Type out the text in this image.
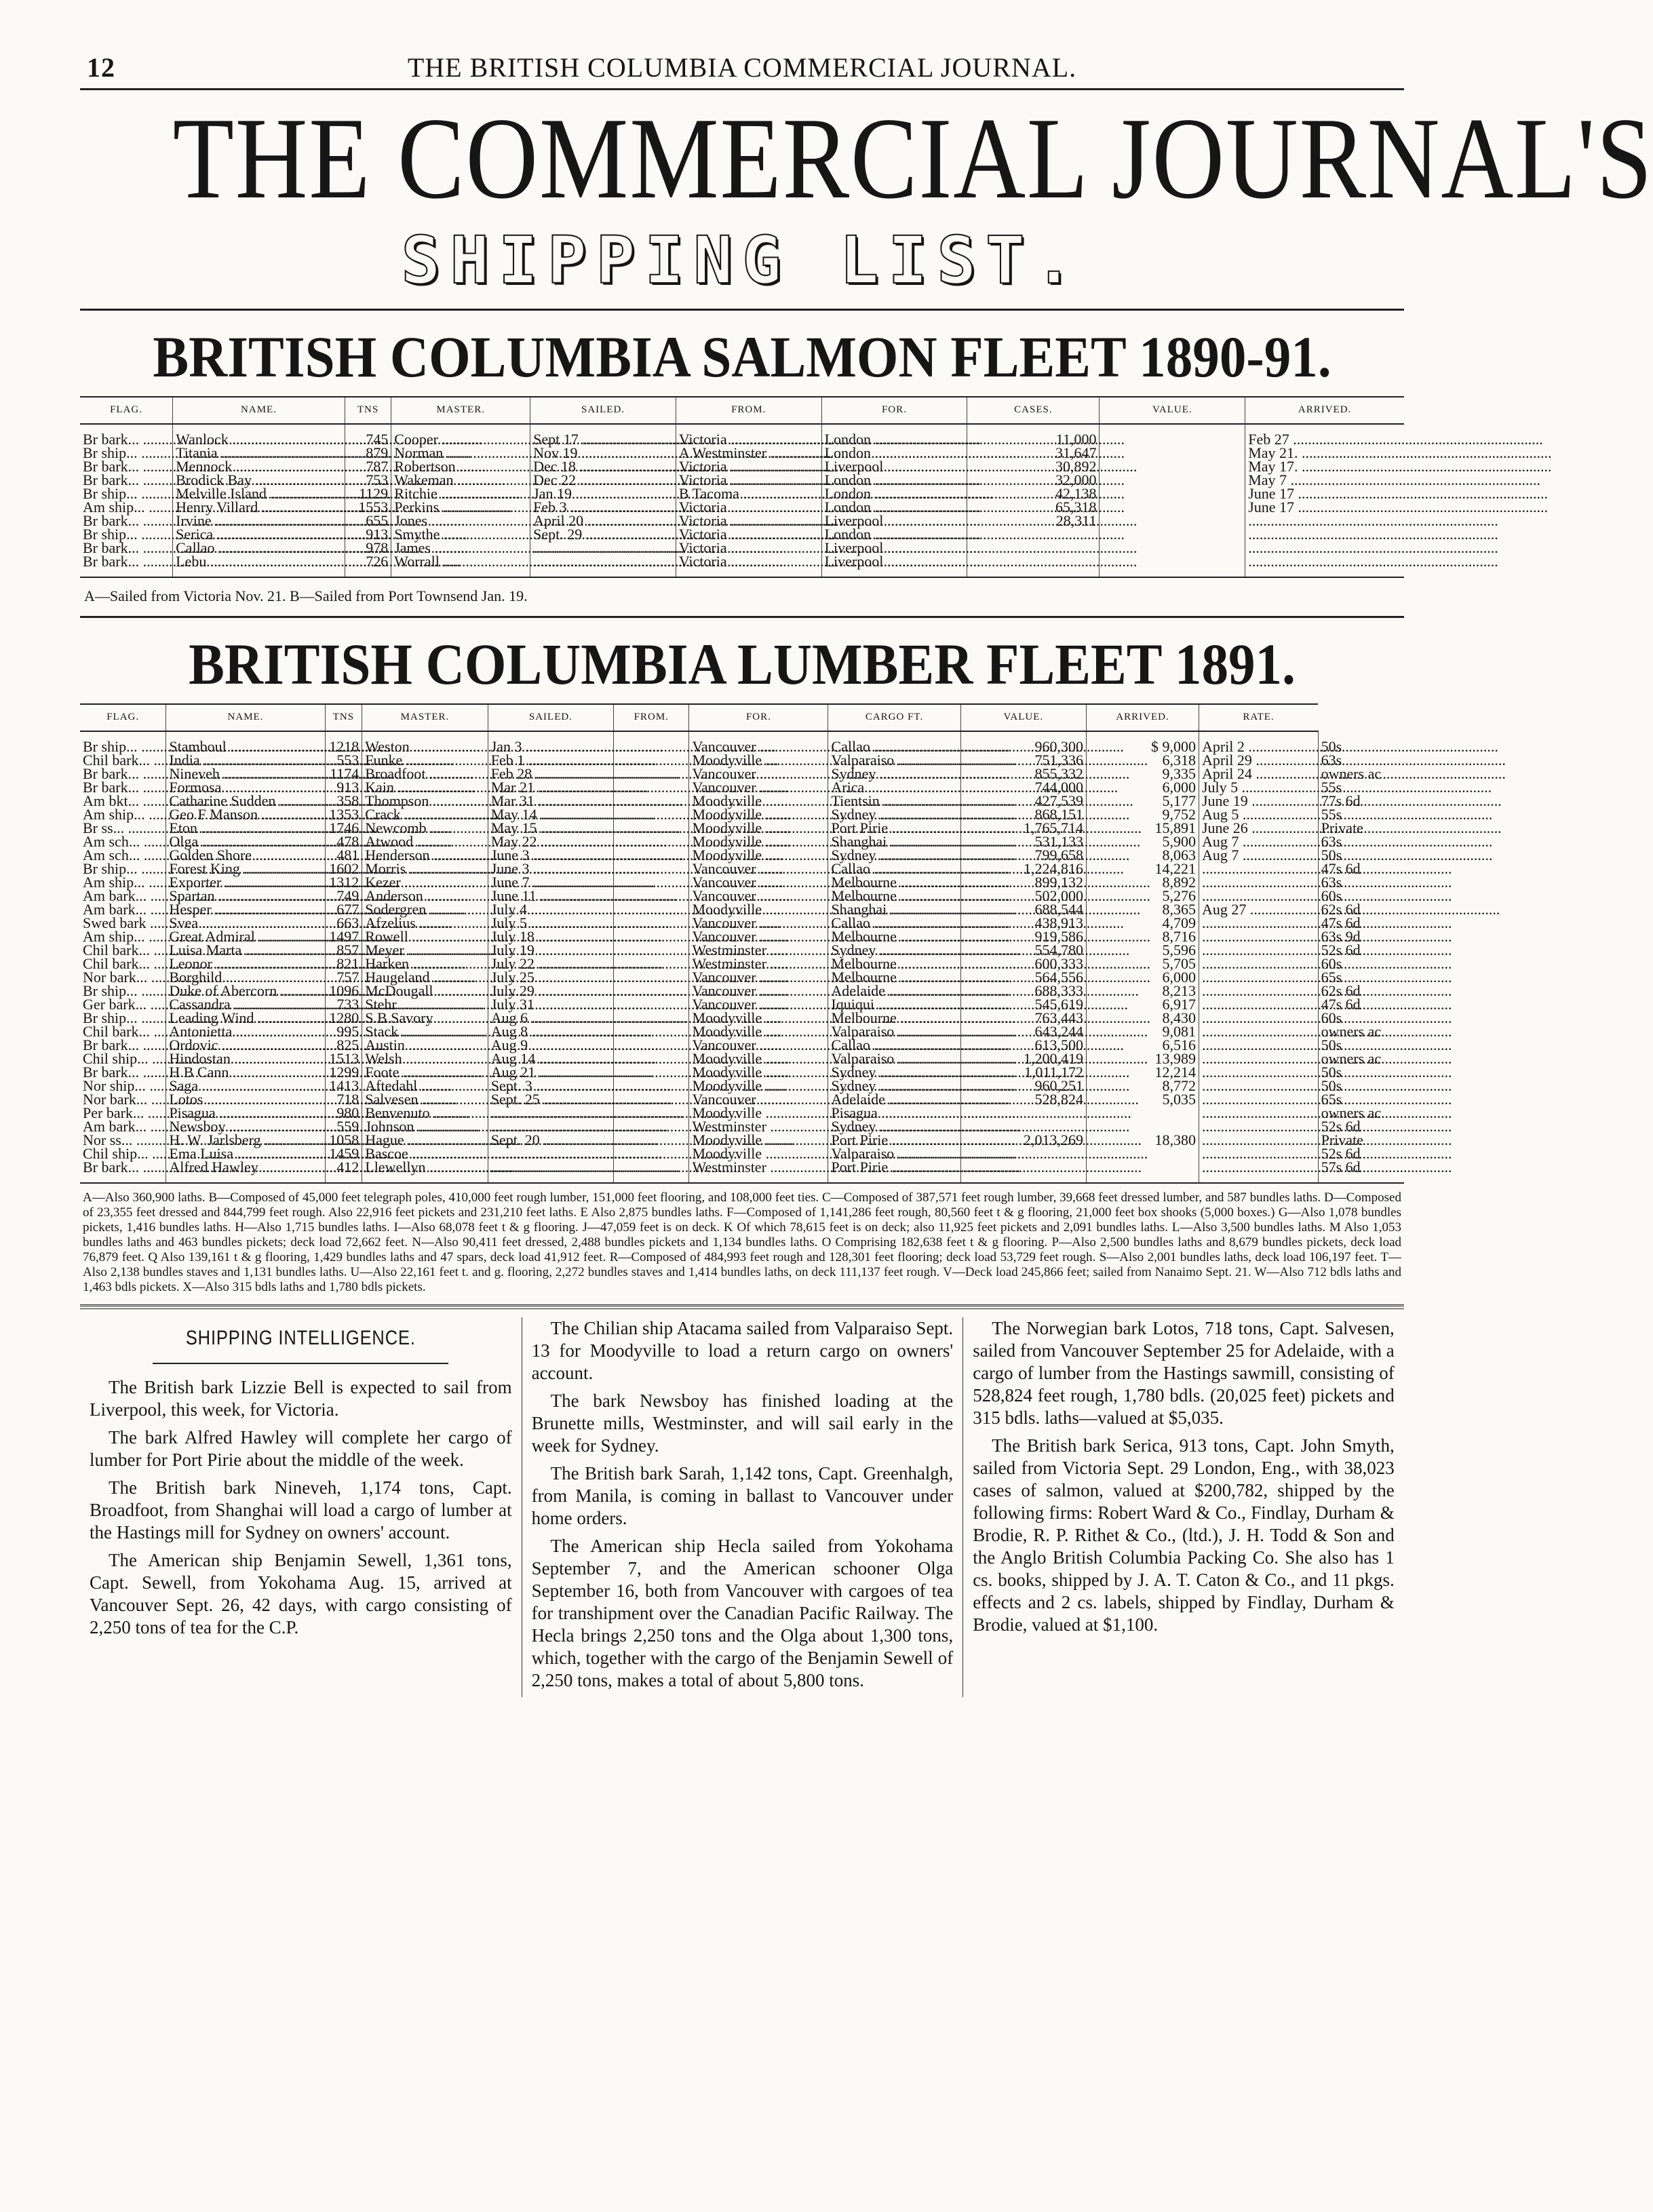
12	THE BRITISH COLUMBIA COMMERCIAL JOURNAL.
THE COMMERCIAL JOURNAL'S
SHIPPING LIST.
BRITISH COLUMBIA SALMON FLEET 1890-91.
FLAG.	NAME.	TNS	MASTER.	SAILED.	FROM.	FOR.	CASES.	VALUE.	ARRIVED.
Br bark... .....	Wanlock .....	745	Cooper .....	Sept 17 .....	Victoria .....	London .....	11,000		Feb 27 .....
Br ship... .....	Titania .....	879	Norman .....	Nov 19 .....	A Westminster .....	London .....	31,647		May 21. .....
Br bark... .....	Mennock .....	787	Robertson .....	Dec 18 .....	Victoria .....	Liverpool .....	30,892		May 17. .....
Br bark... .....	Brodick Bay .....	753	Wakeman .....	Dec 22 .....	Victoria .....	London .....	32,000		May 7 .....
Br ship... .....	Melville Island .....	1129	Ritchie .....	Jan 19 .....	B Tacoma .....	London .....	42,138		June 17 .....
Am ship... .....	Henry Villard .....	1553	Perkins .....	Feb 3 .....	Victoria .....	London .....	65,318		June 17 .....
Br bark... .....	Irvine .....	655	Jones .....	April 20 .....	Victoria .....	Liverpool .....	28,311		.....
Br ship... .....	Serica .....	913	Smythe .....	Sept. 29 .....	Victoria .....	London .....			.....
Br bark... .....	Callao .....	978	James .....	.....	Victoria .....	Liverpool .....			.....
Br bark... .....	Lebu .....	726	Worrall .....	.....	Victoria .....	Liverpool .....			.....
A—Sailed from Victoria Nov. 21. B—Sailed from Port Townsend Jan. 19.
BRITISH COLUMBIA LUMBER FLEET 1891.
FLAG.	NAME.	TNS	MASTER.	SAILED.	FROM.	FOR.	CARGO FT.	VALUE.	ARRIVED.	RATE.	
Br ship... .....	Stamboul .....	1218	Weston .....	Jan 3 .....		Vancouver .....	Callao .....	960,300	$ 9,000	April 2 .....	50s
Chil bark... .....	India .....	553	Funke .....	Feb 1 .....		Moodyville .....	Valparaiso .....	751,336	6,318	April 29 .....	63s
Br bark... .....	Nineveh .....	1174	Broadfoot .....	Feb 28 .....		Vancouver .....	Sydney .....	855,332	9,335	April 24 .....	owners ac
Br bark... .....	Formosa .....	913	Kain .....	Mar 21 .....		Vancouver .....	Arica .....	744,000	6,000	July 5 .....	55s
Am bkt... .....	Catharine Sudden .....	358	Thompson .....	Mar 31 .....		Moodyville .....	Tientsin .....	427,539	5,177	June 19 .....	77s 6d
Am ship... .....	Geo F Manson .....	1353	Crack .....	May 14 .....		Moodyville .....	Sydney .....	868,151	9,752	Aug 5 .....	55s
Br ss... .....	Eton .....	1746	Newcomb .....	May 15 .....		Moodyville .....	Port Pirie .....	1,765,714	15,891	June 26 .....	Private
Am sch... .....	Olga .....	478	Atwood .....	May 22 .....		Moodyville .....	Shanghai .....	531,133	5,900	Aug 7 .....	63s
Am sch... .....	Golden Shore .....	481	Henderson .....	June 3 .....		Moodyville .....	Sydney .....	799,658	8,063	Aug 7 .....	50s
Br ship... .....	Forest King .....	1602	Morris .....	June 3 .....		Vancouver .....	Callao .....	1,224,816	14,221	.....	47s 6d
Am ship... .....	Exporter .....	1312	Kezer .....	June 7 .....		Vancouver .....	Melbourne .....	899,132	8,892	.....	63s
Am bark... .....	Spartan .....	749	Anderson .....	June 11 .....		Vancouver .....	Melbourne .....	502,000	5,276	.....	60s
Am bark... .....	Hesper .....	677	Sodergren .....	July 4 .....		Moodyville .....	Shanghai .....	688,544	8,365	Aug 27 .....	62s 6d
Swed bark .....	Svea .....	663	Afzelius .....	July 5 .....		Vancouver .....	Callao .....	438,913	4,709	.....	47s 6d
Am ship... .....	Great Admiral .....	1497	Rowell .....	July 18 .....		Vancouver .....	Melbourne .....	919,586	8,716	.....	63s 9d
Chil bark... .....	Luisa Marta .....	857	Meyer .....	July 19 .....		Westminster .....	Sydney .....	554,780	5,596	.....	52s 6d
Chil bark... .....	Leonor .....	821	Harken .....	July 22 .....		Westminster .....	Melbourne .....	600,333	5,705	.....	60s
Nor bark... .....	Borghild .....	757	Haugeland .....	July 25 .....		Vancouver .....	Melbourne .....	564,556	6,000	.....	65s
Br ship... .....	Duke of Abercorn .....	1096	McDougall .....	July 29 .....		Vancouver .....	Adelaide .....	688,333	8,213	.....	62s 6d
Ger bark... .....	Cassandra .....	733	Stehr .....	July 31 .....		Vancouver .....	Iquiqui .....	545,619	6,917	.....	47s 6d
Br ship... .....	Leading Wind .....	1280	S B Savory .....	Aug 6 .....		Moodyville .....	Melbourne .....	763,443	8,430	.....	60s
Chil bark... .....	Antonietta .....	995	Stack .....	Aug 8 .....		Moodyville .....	Valparaiso .....	643,244	9,081	.....	owners ac
Br bark... .....	Ordovic .....	825	Austin .....	Aug 9 .....		Vancouver .....	Callao .....	613,500	6,516	.....	50s
Chil ship... .....	Hindostan .....	1513	Welsh .....	Aug 14 .....		Moodyville .....	Valparaiso .....	1,200,419	13,989	.....	owners ac
Br bark... .....	H B Cann .....	1299	Foote .....	Aug 21 .....		Moodyville .....	Sydney .....	1,011,172	12,214	.....	50s
Nor ship... .....	Saga .....	1413	Aftedahl .....	Sept. 3 .....		Moodyville .....	Sydney .....	960,251	8,772	.....	50s
Nor bark... .....	Lotos .....	718	Salvesen .....	Sept. 25 .....		Vancouver .....	Adelaide .....	528,824	5,035	.....	65s
Per bark... .....	Pisagua .....	980	Benvenuto .....	.....		Moodyville .....	Pisagua .....			.....	owners ac
Am bark... .....	Newsboy .....	559	Johnson .....	.....		Westminster .....	Sydney .....			.....	52s 6d
Nor ss... .....	H. W. Jarlsberg .....	1058	Hague .....	Sept. 20 .....		Moodyville .....	Port Pirie .....	2,013,269	18,380	.....	Private
Chil ship... .....	Ema Luisa .....	1459	Bascoe .....	.....		Moodyville .....	Valparaiso .....			.....	52s 6d
Br bark... .....	Alfred Hawley .....	412	Llewellyn .....	.....		Westminster .....	Port Pirie .....			.....	57s 6d
A—Also 360,900 laths. B—Composed of 45,000 feet telegraph poles, 410,000 feet rough lumber, 151,000 feet flooring, and 108,000 feet ties. C—Composed of 387,571 feet rough lumber, 39,668 feet dressed lumber, and 587 bundles laths. D—Composed of 23,355 feet dressed and 844,799 feet rough. Also 22,916 feet pickets and 231,210 feet laths. E Also 2,875 bundles laths. F—Composed of 1,141,286 feet rough, 80,560 feet t & g flooring, 21,000 feet box shooks (5,000 boxes.) G—Also 1,078 bundles pickets, 1,416 bundles laths. H—Also 1,715 bundles laths. I—Also 68,078 feet t & g flooring. J—47,059 feet is on deck. K Of which 78,615 feet is on deck; also 11,925 feet pickets and 2,091 bundles laths. L—Also 3,500 bundles laths. M Also 1,053 bundles laths and 463 bundles pickets; deck load 72,662 feet. N—Also 90,411 feet dressed, 2,488 bundles pickets and 1,134 bundles laths. O Comprising 182,638 feet t & g flooring. P—Also 2,500 bundles laths and 8,679 bundles pickets, deck load 76,879 feet. Q Also 139,161 t & g flooring, 1,429 bundles laths and 47 spars, deck load 41,912 feet. R—Composed of 484,993 feet rough and 128,301 feet flooring; deck load 53,729 feet rough. S—Also 2,001 bundles laths, deck load 106,197 feet. T—Also 2,138 bundles staves and 1,131 bundles laths. U—Also 22,161 feet t. and g. flooring, 2,272 bundles staves and 1,414 bundles laths, on deck 111,137 feet rough. V—Deck load 245,866 feet; sailed from Nanaimo Sept. 21. W—Also 712 bdls laths and 1,463 bdls pickets. X—Also 315 bdls laths and 1,780 bdls pickets.
SHIPPING INTELLIGENCE.

The British bark Lizzie Bell is expected to sail from Liverpool, this week, for Victoria.

The bark Alfred Hawley will complete her cargo of lumber for Port Pirie about the middle of the week.

The British bark Nineveh, 1,174 tons, Capt. Broadfoot, from Shanghai will load a cargo of lumber at the Hastings mill for Sydney on owners' account.

The American ship Benjamin Sewell, 1,361 tons, Capt. Sewell, from Yokohama Aug. 15, arrived at Vancouver Sept. 26, 42 days, with cargo consisting of 2,250 tons of tea for the C.P.

The Chilian ship Atacama sailed from Valparaiso Sept. 13 for Moodyville to load a return cargo on owners' account.

The bark Newsboy has finished loading at the Brunette mills, Westminster, and will sail early in the week for Sydney.

The British bark Sarah, 1,142 tons, Capt. Greenhalgh, from Manila, is coming in ballast to Vancouver under home orders.

The American ship Hecla sailed from Yokohama September 7, and the American schooner Olga September 16, both from Vancouver with cargoes of tea for transhipment over the Canadian Pacific Railway. The Hecla brings 2,250 tons and the Olga about 1,300 tons, which, together with the cargo of the Benjamin Sewell of 2,250 tons, makes a total of about 5,800 tons.

The Norwegian bark Lotos, 718 tons, Capt. Salvesen, sailed from Vancouver September 25 for Adelaide, with a cargo of lumber from the Hastings sawmill, consisting of 528,824 feet rough, 1,780 bdls. (20,025 feet) pickets and 315 bdls. laths—valued at $5,035.

The British bark Serica, 913 tons, Capt. John Smyth, sailed from Victoria Sept. 29 London, Eng., with 38,023 cases of salmon, valued at $200,782, shipped by the following firms: Robert Ward & Co., Findlay, Durham & Brodie, R. P. Rithet & Co., (ltd.), J. H. Todd & Son and the Anglo British Columbia Packing Co. She also has 1 cs. books, shipped by J. A. T. Caton & Co., and 11 pkgs. effects and 2 cs. labels, shipped by Findlay, Durham & Brodie, valued at $1,100.
